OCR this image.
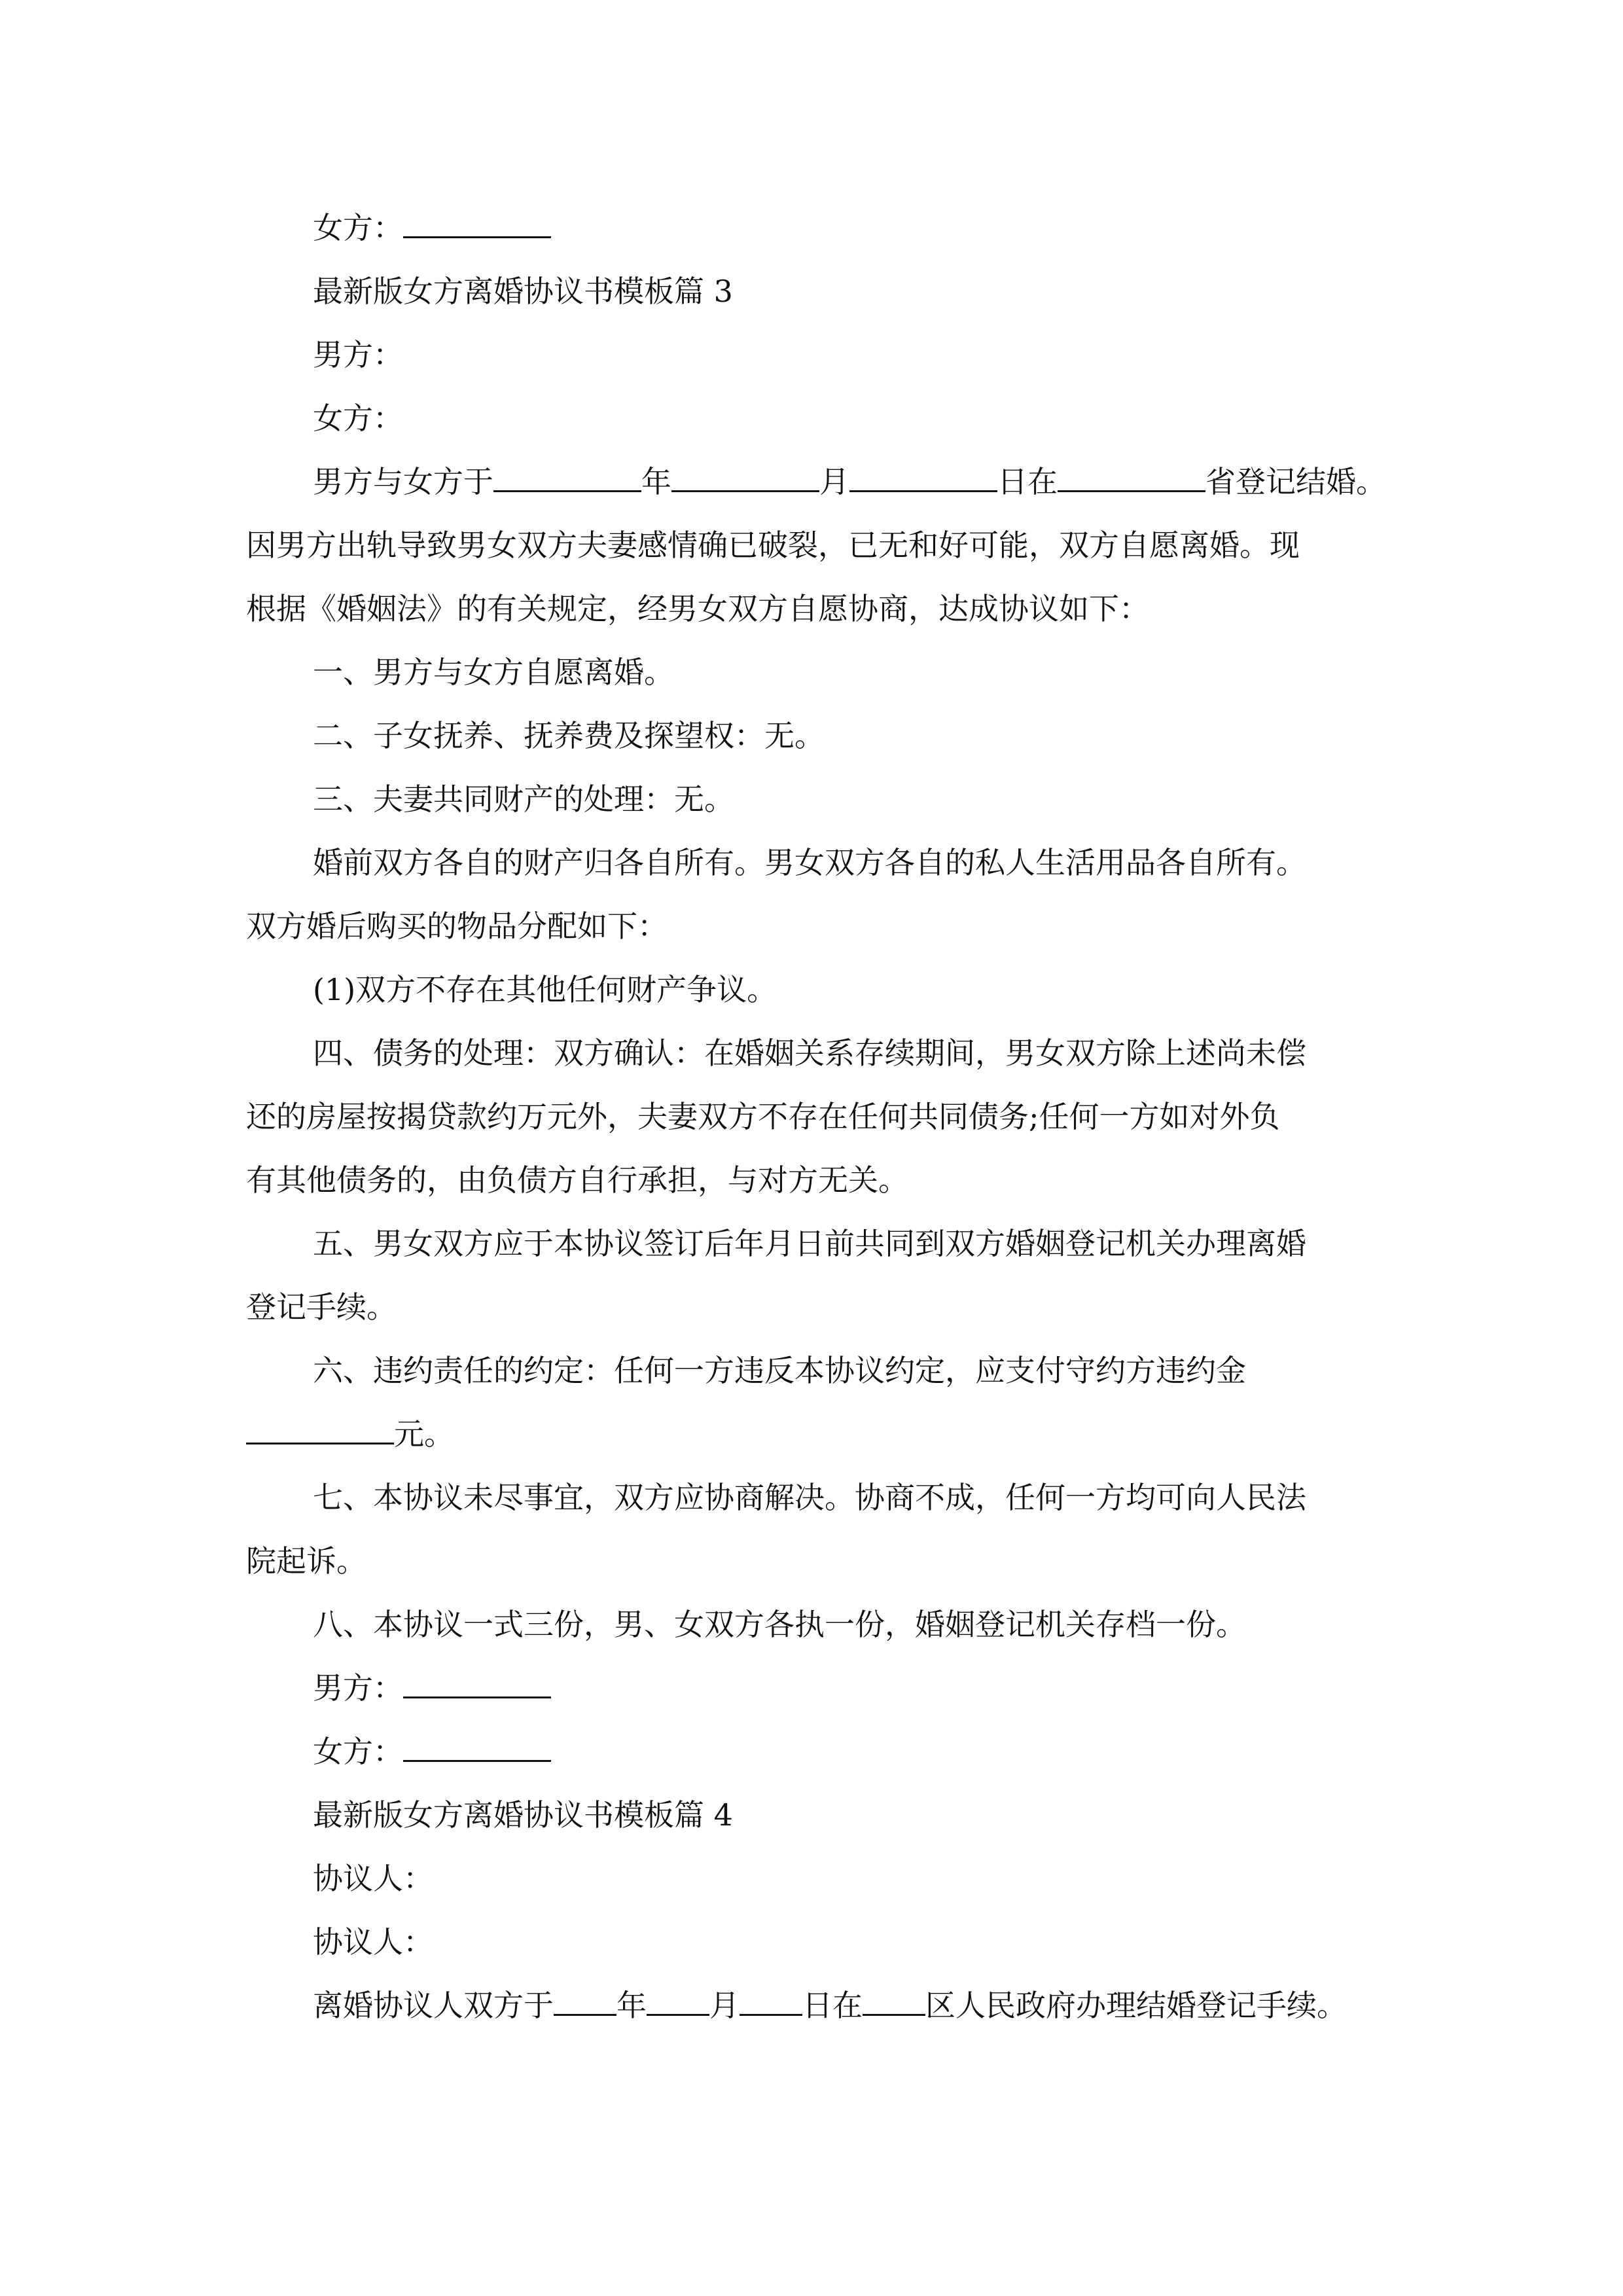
女方：

最新版女方离婚协议书模板篇 3

男方：

女方：

男方与女方于	年	月	日在	省登记结婚。

因男方出轨导致男女双方夫妻感情确已破裂，已无和好可能，双方自愿离婚。现

根据《婚姻法》的有关规定，经男女双方自愿协商，达成协议如下：

一、男方与女方自愿离婚。

二、子女抚养、抚养费及探望权：无。

三、夫妻共同财产的处理：无。

婚前双方各自的财产归各自所有。男女双方各自的私人生活用品各自所有。

双方婚后购买的物品分配如下：

(1)双方不存在其他任何财产争议。

四、债务的处理：双方确认：在婚姻关系存续期间，男女双方除上述尚未偿

还的房屋按揭贷款约万元外，夫妻双方不存在任何共同债务;任何一方如对外负

有其他债务的，由负债方自行承担，与对方无关。

五、男女双方应于本协议签订后年月日前共同到双方婚姻登记机关办理离婚

登记手续。

六、违约责任的约定：任何一方违反本协议约定，应支付守约方违约金

元。

七、本协议未尽事宜，双方应协商解决。协商不成，任何一方均可向人民法

院起诉。

八、本协议一式三份，男、女双方各执一份，婚姻登记机关存档一份。

男方：

女方：

最新版女方离婚协议书模板篇 4

协议人：

协议人：

离婚协议人双方于 年 月 日在 区人民政府办理结婚登记手续。
